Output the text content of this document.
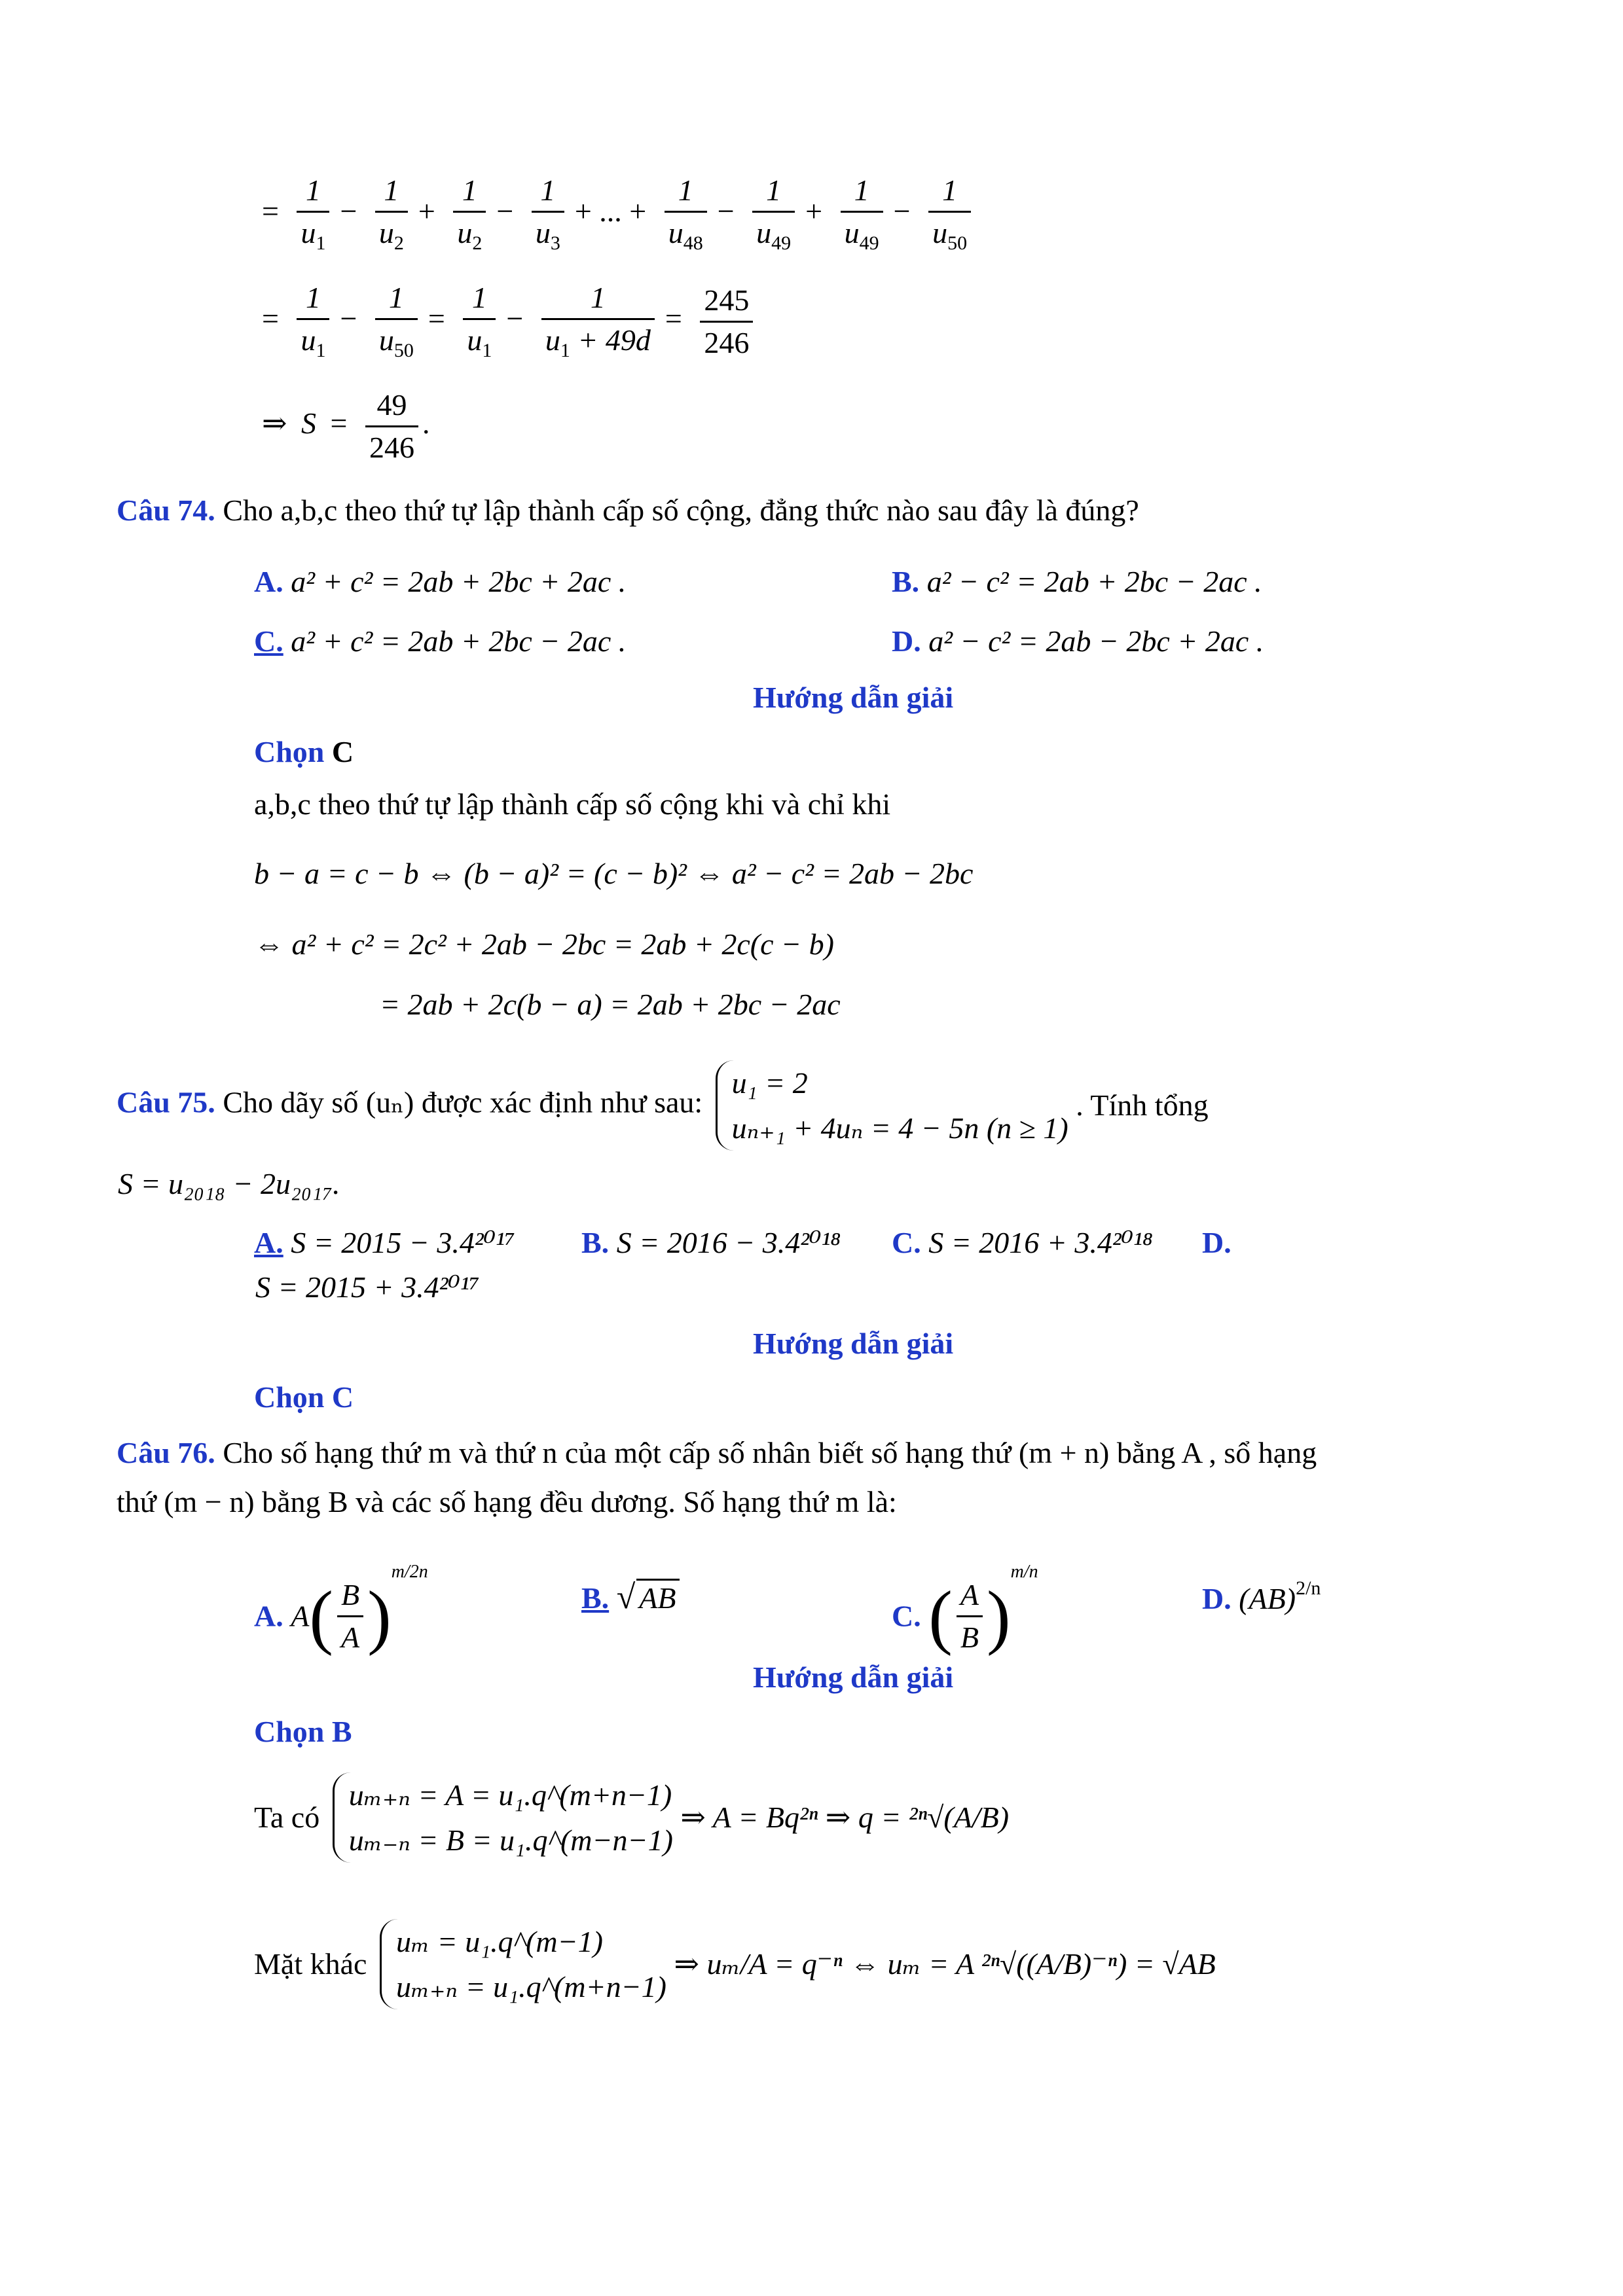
= $\frac{1}{u_1} - \frac{1}{u_2} + \frac{1}{u_2} - \frac{1}{u_3}$ + ... + $\frac{1}{u_{48}} - \frac{1}{u_{49}} + \frac{1}{u_{49}} - \frac{1}{u_{50}}$
= $\frac{1}{u_1} - \frac{1}{u_{50}} = \frac{1}{u_1} - \frac{1}{u_1 + 49d} = \frac{245}{246}$
⇒ $S = \frac{49}{246}$ .
Câu 74. Cho a,b,c theo thứ tự lập thành cấp số cộng, đẳng thức nào sau đây là đúng?
A. a² + c² = 2ab + 2bc + 2ac .	B. a² − c² = 2ab + 2bc − 2ac .
C. a² + c² = 2ab + 2bc − 2ac .	D. a² − c² = 2ab − 2bc + 2ac .
Hướng dẫn giải
Chọn C
a,b,c theo thứ tự lập thành cấp số cộng khi và chỉ khi
b − a = c − b ⇔ (b − a)² = (c − b)² ⇔ a² − c² = 2ab − 2bc
⇔ a² + c² = 2c² + 2ab − 2bc = 2ab + 2c(c − b)
= 2ab + 2c(b − a) = 2ab + 2bc − 2ac
Câu 75. Cho dãy số (uₙ) được xác định như sau:
u₁ = 2
uₙ₊₁ + 4uₙ = 4 − 5n (n ≥ 1)
. Tính tổng
S = u₂₀₁₈ − 2u₂₀₁₇.
A. S = 2015 − 3.4²⁰¹⁷ B. S = 2016 − 3.4²⁰¹⁸ C. S = 2016 + 3.4²⁰¹⁸ D.
S = 2015 + 3.4²⁰¹⁷
Hướng dẫn giải
Chọn C
Câu 76. Cho số hạng thứ m và thứ n của một cấp số nhân biết số hạng thứ (m + n) bằng A , sổ hạng
thứ (m − n) bằng B và các số hạng đều dương. Số hạng thứ m là:
A. $A( \frac{B}{A} )^{m/2n}$
B. √ AB
C. ( $\frac{A}{B} )^{m/n}$
D. (AB)$^{2/n}$
Hướng dẫn giải
Chọn B
Ta có
uₘ₊ₙ = A = u₁.q^(m+n−1)
uₘ₋ₙ = B = u₁.q^(m−n−1)
⇒ A = Bq²ⁿ ⇒ q = ²ⁿ√(A/B)
Mặt khác
uₘ = u₁.q^(m−1)
uₘ₊ₙ = u₁.q^(m+n−1)
⇒ uₘ/A = q⁻ⁿ ⇔ uₘ = A ²ⁿ√((A/B)⁻ⁿ) = √AB
